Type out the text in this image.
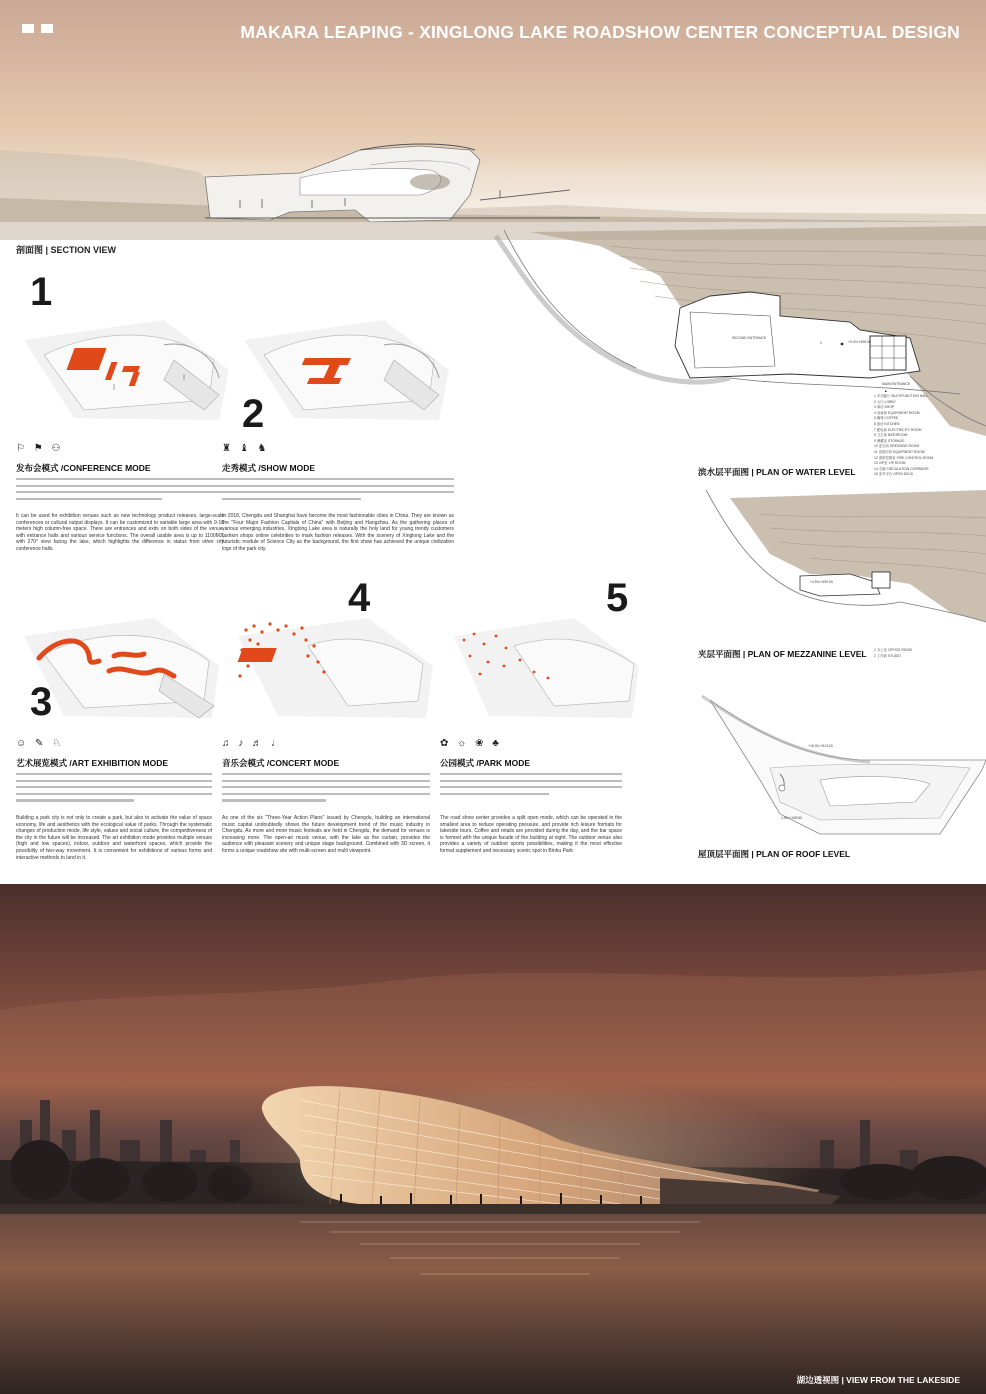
MAKARA LEAPING - XINGLONG LAKE ROADSHOW CENTER CONCEPTUAL DESIGN
剖面图 | SECTION VIEW
1
2
⚐ ⚑ ⚇
发布会模式 /CONFERENCE MODE

It can be used for exhibition venues such as new technology product releases, large-scale conferences or cultural output displays. It can be customized to variable large area with 9-10 meters high column-free space. There are entrances and exits on both sides of the venue, with entrance halls and various service functions. The overall usable area is up to 1100M2, with 270° view facing the lake, which highlights the difference in status from other city conference halls.

♜ ♝ ♞
走秀模式 /SHOW MODE

In 2018, Chengdu and Shanghai have become the most fashionable cities in China. They are known as the "Four Major Fashion Capitals of China" with Beijing and Hangzhou. As the gathering places of various emerging industries, Xinglong Lake area is naturally the holy land for young trendy customers fashion shops online celebrities to mark fashion releases. With the scenery of Xinglong Lake and the futuristic module of Science City as the background, the first show has achieved the unique civilization logo of the park city.

3
4	5
☺ ✎ ♘
艺术展览模式 /ART EXHIBITION MODE

Building a park city is not only to create a park, but also to activate the value of space economy, life and aesthetics with the ecological value of parks. Through the systematic changes of production mode, life style, values and social culture, the competitiveness of the city in the future will be increased. The art exhibition mode provides multiple venues (high and low spaces), indoor, outdoor and waterfront spaces, which provide the possibility of two-way movement. It is convenient for exhibitions of various forms and interactive methods to land in it.

♫ ♪ ♬ ♩
音乐会模式 /CONCERT MODE

As one of the six "Three-Year Action Plans" issued by Chengdu, building an international music capital undoubtedly shows the future development trend of the music industry in Chengdu. As more and more music festivals are held in Chengdu, the demand for venues is increasing more. The open-air music venue, with the lake as the curtain, provides the audience with pleasant scenery and unique stage background. Combined with 3D screen, it forms a unique roadshow site with multi-screen and multi viewpoint.

✿ ☼ ❀ ♣
公园模式 /PARK MODE

The road show center provides a split open mode, which can be operated in the smallest area to reduce operating pressure, and provide rich leisure formats for lakeside tours. Coffee and retails are provided during the day, and the bar space is formed with the unique facade of the building at night. The outdoor venue also provides a variety of outdoor sports possibilities, making it the most effective format supplement and necessary scenic spot in Binhu Park

1
▲
SECOND ENTRANCE
+0.00=+495.00
MAIN ENTRANCE
1 多功能厅 MULTIFUNCTION HALL
2 大厅 LOBBY
3 商店 SHOP
4 设备间 EQUIPMENT ROOM
5 咖啡 COFFEE
6 厨房 KITCHEN
7 配电间 ELECTRICITY ROOM
8 卫生间 BATHROOM
9 储藏室 STORAGE
10 更衣间 DRESSING ROOM
11 设备用房 EQUIPMENT ROOM
12 消防控制室 FIRE CONTROL ROOM
13 VIP室 VIP ROOM
14 走廊 CIRCULATION CORRIDOR
15 室外平台 OPEN DECK
滨水层平面图 | PLAN OF WATER LEVEL
+4.50=+499.50
1 办公室 OFFICE ROOM
2 工作间 STUDIO
夹层平面图 | PLAN OF MEZZANINE LEVEL
+18.00=+513.00
-1.50=+493.50
屋顶层平面图 | PLAN OF ROOF LEVEL
湖边透视图 | VIEW FROM THE LAKESIDE
